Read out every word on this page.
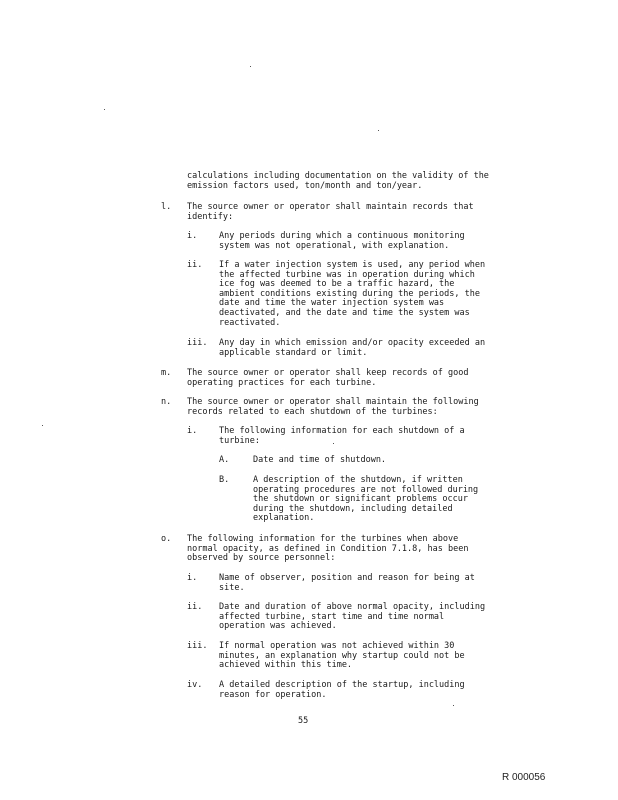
calculations including documentation on the validity of the
emission factors used, ton/month and ton/year.
l. The source owner or operator shall maintain records that
identify:
i.	Any periods during which a continuous monitoring
system was not operational, with explanation.
ii. If a water injection system is used, any period when
the affected turbine was in operation during which
ice fog was deemed to be a traffic hazard, the
ambient conditions existing during the periods, the
date and time the water injection system was
deactivated, and the date and time the system was
reactivated.
iii. Any day in which emission and/or opacity exceeded an
applicable standard or limit.
m. The source owner or operator shall keep records of good
operating practices for each turbine.
n. The source owner or operator shall maintain the following
records related to each shutdown of the turbines:
i.	The following information for each shutdown of a
turbine:
A.	Date and time of shutdown.
B.	A description of the shutdown, if written
operating procedures are not followed during
the shutdown or significant problems occur
during the shutdown, including detailed
explanation.
o. The following information for the turbines when above
normal opacity, as defined in Condition 7.1.8, has been
observed by source personnel:
i.	Name of observer, position and reason for being at
site.
ii. Date and duration of above normal opacity, including
affected turbine, start time and time normal
operation was achieved.
iii. If normal operation was not achieved within 30
minutes, an explanation why startup could not be
achieved within this time.
iv. A detailed description of the startup, including
reason for operation.
55
R 000056
